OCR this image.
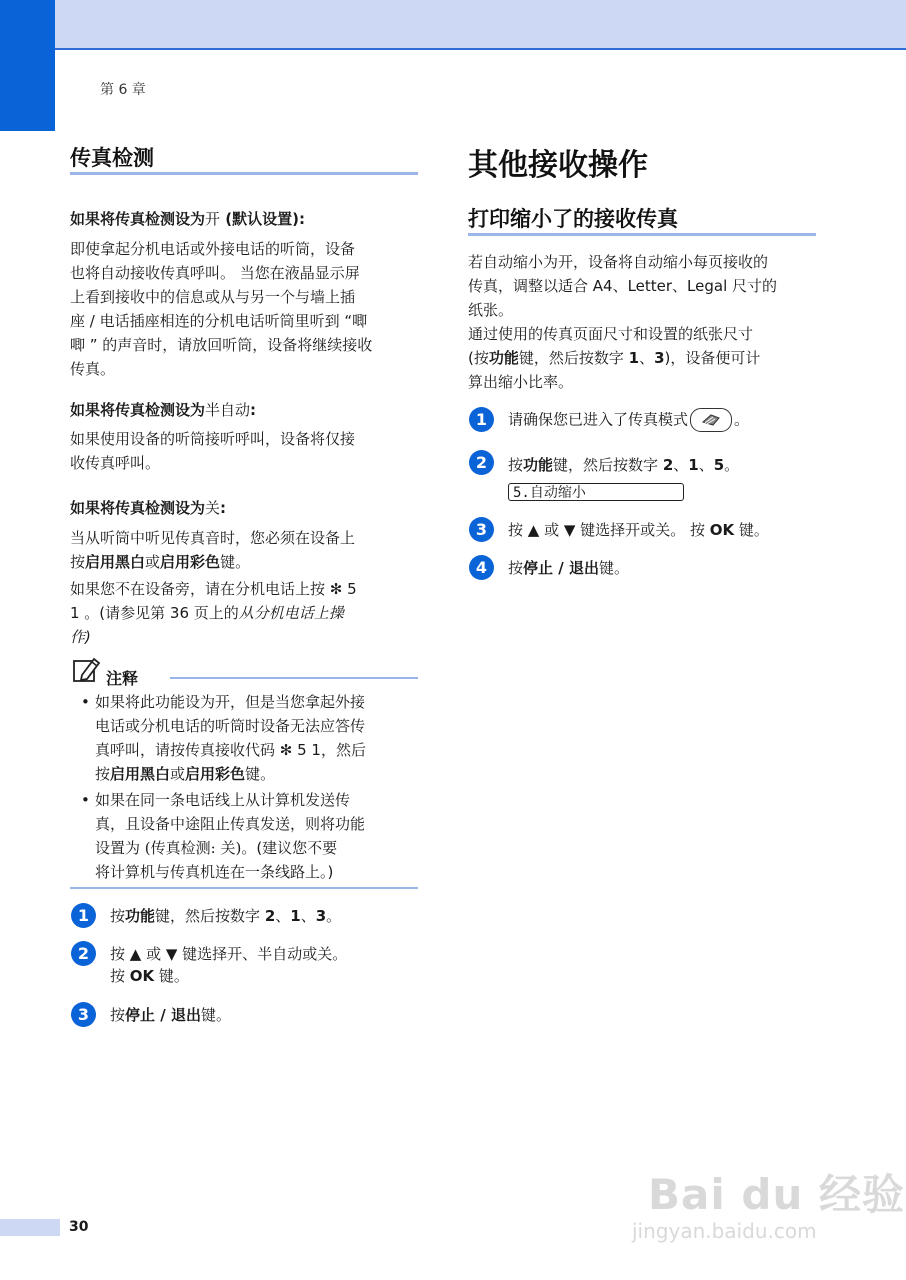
第 6 章
传真检测
如果将传真检测设为开 (默认设置):
即使拿起分机电话或外接电话的听筒，设备
也将自动接收传真呼叫。 当您在液晶显示屏
上看到接收中的信息或从与另一个与墙上插
座 / 电话插座相连的分机电话听筒里听到 “唧
唧 ” 的声音时，请放回听筒，设备将继续接收
传真。
如果将传真检测设为半自动:
如果使用设备的听筒接听呼叫，设备将仅接
收传真呼叫。
如果将传真检测设为关:
当从听筒中听见传真音时，您必须在设备上
按启用黑白或启用彩色键。
如果您不在设备旁，请在分机电话上按 ✻ 5
1 。(请参见第 36 页上的从分机电话上操
作)
注释
• 如果将此功能设为开，但是当您拿起外接
电话或分机电话的听筒时设备无法应答传
真呼叫，请按传真接收代码 ✻ 5 1，然后
按启用黑白或启用彩色键。
• 如果在同一条电话线上从计算机发送传
真，且设备中途阻止传真发送，则将功能
设置为 (传真检测: 关)。(建议您不要
将计算机与传真机连在一条线路上。)
1	按功能键，然后按数字 2、1、3。
2	按 ▲ 或 ▼ 键选择开、半自动或关。
按 OK 键。
3	按停止 / 退出键。
其他接收操作
打印缩小了的接收传真
若自动缩小为开，设备将自动缩小每页接收的
传真，调整以适合 A4、Letter、Legal 尺寸的
纸张。
通过使用的传真页面尺寸和设置的纸张尺寸
(按功能键，然后按数字 1、3)，设备便可计
算出缩小比率。
1	请确保您已进入了传真模式	。
2	按功能键，然后按数字 2、1、5。
5.自动缩小
3	按 ▲ 或 ▼ 键选择开或关。 按 OK 键。
4	按停止 / 退出键。
30
Bai du 经验
jingyan.baidu.com
